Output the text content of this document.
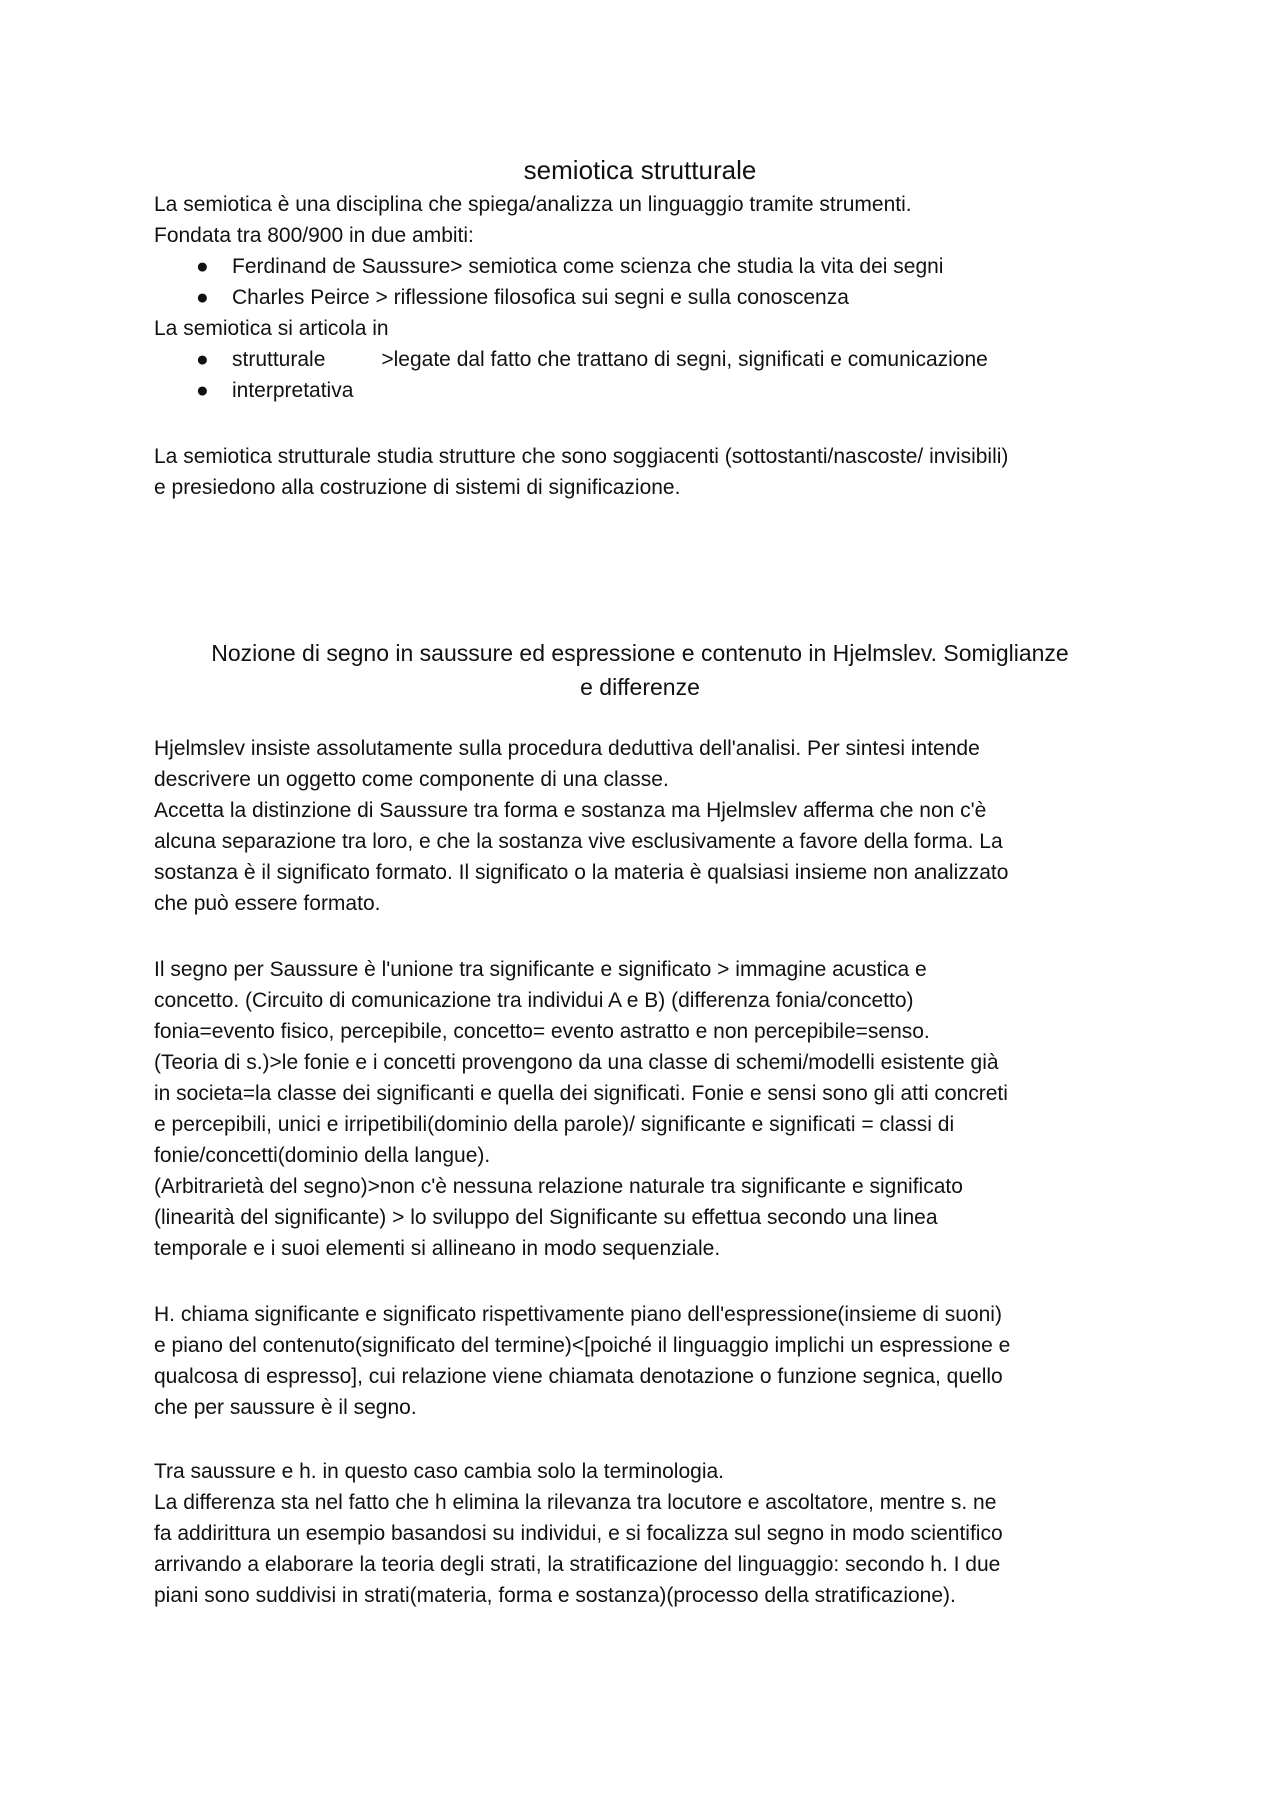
semiotica strutturale

La semiotica è una disciplina che spiega/analizza un linguaggio tramite strumenti.

Fondata tra 800/900 in due ambiti:

● Ferdinand de Saussure> semiotica come scienza che studia la vita dei segni
● Charles Peirce > riflessione filosofica sui segni e sulla conoscenza

La semiotica si articola in

● strutturale	>legate dal fatto che trattano di segni, significati e comunicazione
● interpretativa

La semiotica strutturale studia strutture che sono soggiacenti (sottostanti/nascoste/ invisibili)

e presiedono alla costruzione di sistemi di significazione.

Nozione di segno in saussure ed espressione e contenuto in Hjelmslev. Somiglianze
e differenze

Hjelmslev insiste assolutamente sulla procedura deduttiva dell'analisi. Per sintesi intende

descrivere un oggetto come componente di una classe.

Accetta la distinzione di Saussure tra forma e sostanza ma Hjelmslev afferma che non c'è

alcuna separazione tra loro, e che la sostanza vive esclusivamente a favore della forma. La

sostanza è il significato formato. Il significato o la materia è qualsiasi insieme non analizzato

che può essere formato.

Il segno per Saussure è l'unione tra significante e significato > immagine acustica e

concetto. (Circuito di comunicazione tra individui A e B) (differenza fonia/concetto)

fonia=evento fisico, percepibile, concetto= evento astratto e non percepibile=senso.

(Teoria di s.)>le fonie e i concetti provengono da una classe di schemi/modelli esistente già

in societa=la classe dei significanti e quella dei significati. Fonie e sensi sono gli atti concreti

e percepibili, unici e irripetibili(dominio della parole)/ significante e significati = classi di

fonie/concetti(dominio della langue).

(Arbitrarietà del segno)>non c'è nessuna relazione naturale tra significante e significato

(linearità del significante) > lo sviluppo del Significante su effettua secondo una linea

temporale e i suoi elementi si allineano in modo sequenziale.

H. chiama significante e significato rispettivamente piano dell'espressione(insieme di suoni)

e piano del contenuto(significato del termine)<[poiché il linguaggio implichi un espressione e

qualcosa di espresso], cui relazione viene chiamata denotazione o funzione segnica, quello

che per saussure è il segno.

Tra saussure e h. in questo caso cambia solo la terminologia.

La differenza sta nel fatto che h elimina la rilevanza tra locutore e ascoltatore, mentre s. ne

fa addirittura un esempio basandosi su individui, e si focalizza sul segno in modo scientifico

arrivando a elaborare la teoria degli strati, la stratificazione del linguaggio: secondo h. I due

piani sono suddivisi in strati(materia, forma e sostanza)(processo della stratificazione).
